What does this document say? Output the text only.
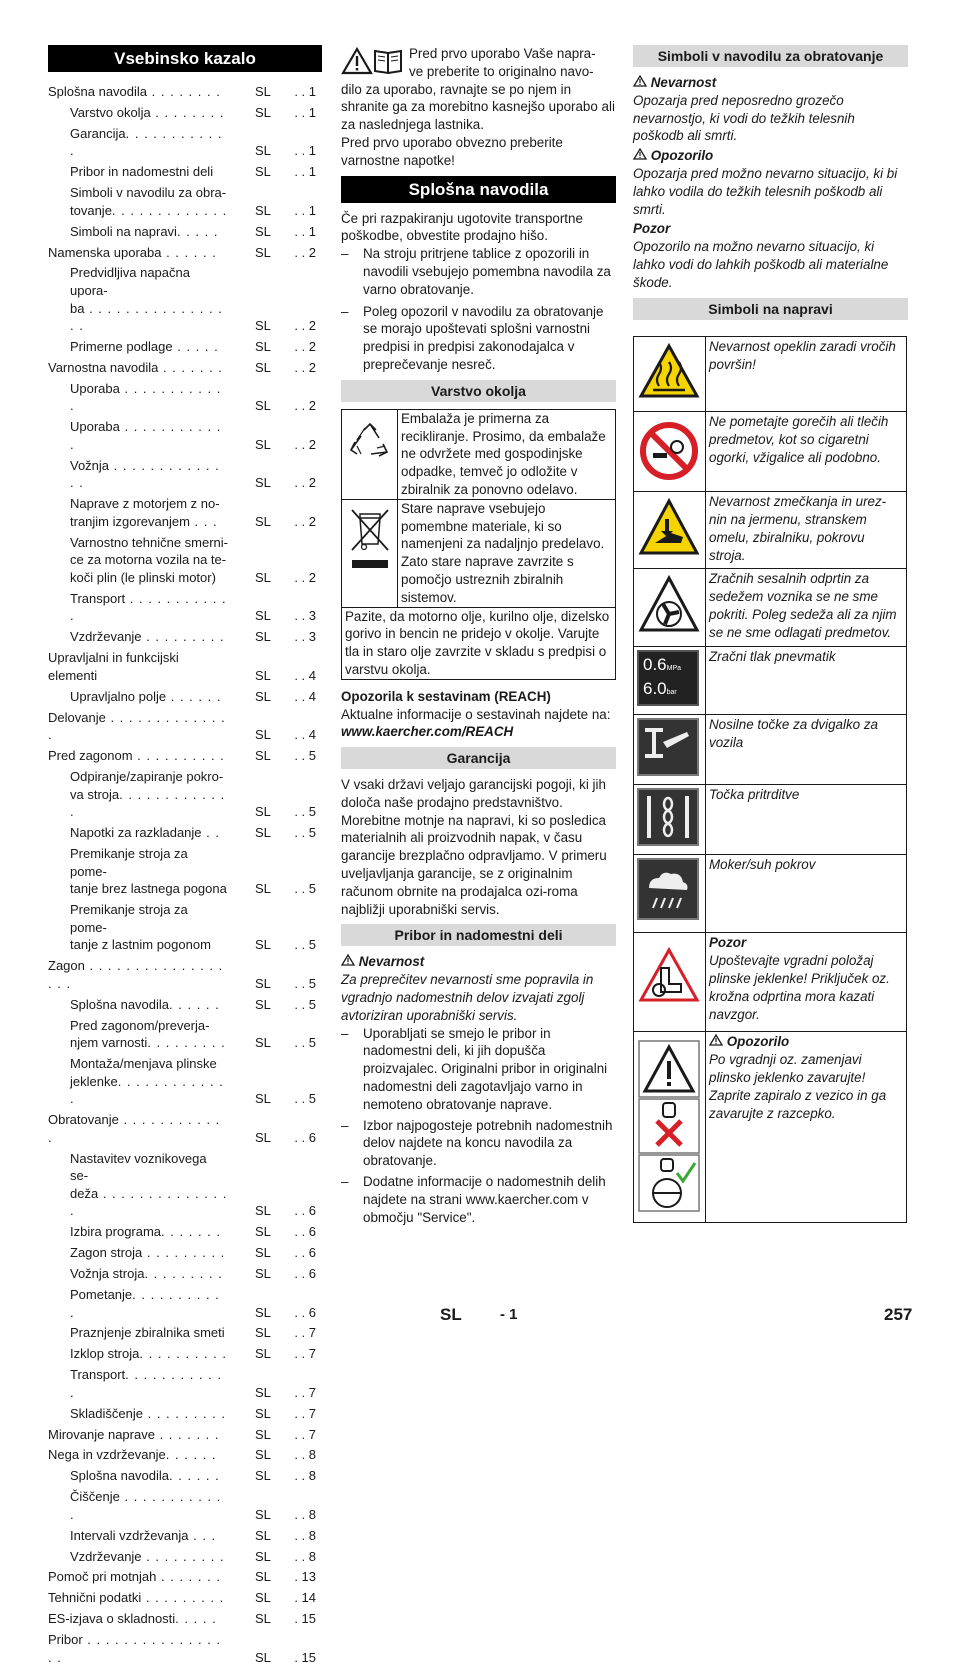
Vsebinsko kazalo
Splošna navodila . . . . . . . .	SL	. . 1
Varstvo okolja . . . . . . . .	SL	. . 1
Garancija. . . . . . . . . . . .	SL	. . 1
Pribor in nadomestni deli	SL	. . 1
Simboli v navodilu za obra-
tovanje. . . . . . . . . . . . .	SL	. . 1
Simboli na napravi. . . . .	SL	. . 1
Namenska uporaba . . . . . .	SL	. . 2
Predvidljiva napačna upora-
ba . . . . . . . . . . . . . . . . .	SL	. . 2
Primerne podlage . . . . .	SL	. . 2
Varnostna navodila . . . . . . .	SL	. . 2
Uporaba . . . . . . . . . . . .	SL	. . 2
Uporaba . . . . . . . . . . . .	SL	. . 2
Vožnja . . . . . . . . . . . . . .	SL	. . 2
Naprave z motorjem z no-
tranjim izgorevanjem . . .	SL	. . 2
Varnostno tehnične smerni-
ce za motorna vozila na te-
koči plin (le plinski motor)	SL	. . 2
Transport . . . . . . . . . . . .	SL	. . 3
Vzdrževanje . . . . . . . . .	SL	. . 3
Upravljalni in funkcijski elementi	SL	. . 4
Upravljalno polje . . . . . .	SL	. . 4
Delovanje . . . . . . . . . . . . . .	SL	. . 4
Pred zagonom . . . . . . . . . .	SL	. . 5
Odpiranje/zapiranje pokro-
va stroja. . . . . . . . . . . . .	SL	. . 5
Napotki za razkladanje . .	SL	. . 5
Premikanje stroja za pome-
tanje brez lastnega pogona	SL	. . 5
Premikanje stroja za pome-
tanje z lastnim pogonom	SL	. . 5
Zagon . . . . . . . . . . . . . . . . . .	SL	. . 5
Splošna navodila. . . . . .	SL	. . 5
Pred zagonom/preverja-
njem varnosti. . . . . . . . .	SL	. . 5
Montaža/menjava plinske
jeklenke. . . . . . . . . . . . .	SL	. . 5
Obratovanje . . . . . . . . . . . .	SL	. . 6
Nastavitev voznikovega se-
deža . . . . . . . . . . . . . . .	SL	. . 6
Izbira programa. . . . . . .	SL	. . 6
Zagon stroja . . . . . . . . .	SL	. . 6
Vožnja stroja. . . . . . . . .	SL	. . 6
Pometanje. . . . . . . . . . .	SL	. . 6
Praznjenje zbiralnika smeti	SL	. . 7
Izklop stroja. . . . . . . . . .	SL	. . 7
Transport. . . . . . . . . . . .	SL	. . 7
Skladiščenje . . . . . . . . .	SL	. . 7
Mirovanje naprave . . . . . . .	SL	. . 7
Nega in vzdrževanje. . . . . .	SL	. . 8
Splošna navodila. . . . . .	SL	. . 8
Čiščenje . . . . . . . . . . . .	SL	. . 8
Intervali vzdrževanja . . .	SL	. . 8
Vzdrževanje . . . . . . . . .	SL	. . 8
Pomoč pri motnjah . . . . . . .	SL	. 13
Tehnični podatki . . . . . . . . .	SL	. 14
ES-izjava o skladnosti. . . . .	SL	. 15
Pribor . . . . . . . . . . . . . . . . .	SL	. 15

Pred prvo uporabo Vaše napra-

ve preberite to originalno navo-

dilo za uporabo, ravnajte se po njem in shranite ga za morebitno kasnejšo uporabo ali za naslednjega lastnika.

Pred prvo uporabo obvezno preberite varnostne napotke!

Splošna navodila

Če pri razpakiranju ugotovite transportne poškodbe, obvestite prodajno hišo.

–	Na stroju pritrjene tablice z opozorili in navodili vsebujejo pomembna navodila za varno obratovanje.
–	Poleg opozoril v navodilu za obratovanje se morajo upoštevati splošni varnostni predpisi in predpisi zakonodajalca v preprečevanje nesreč.
Varstvo okolja
	Embalaža je primerna za recikliranje. Prosimo, da embalaže ne odvržete med gospodinjske odpadke, temveč jo odložite v zbiralnik za ponovno odelavo.
	Stare naprave vsebujejo pomembne materiale, ki so namenjeni za nadaljnjo predelavo. Zato stare naprave zavrzite s pomočjo ustreznih zbiralnih sistemov.
Pazite, da motorno olje, kurilno olje, dizelsko gorivo in bencin ne pridejo v okolje. Varujte tla in staro olje zavrzite v skladu s predpisi o varstvu okolja.	

Opozorila k sestavinam (REACH)

Aktualne informacije o sestavinah najdete na:

www.kaercher.com/REACH

Garancija

V vsaki državi veljajo garancijski pogoji, ki jih določa naše prodajno predstavništvo. Morebitne motnje na napravi, ki so posledica materialnih ali proizvodnih napak, v času garancije brezplačno odpravljamo. V primeru uveljavljanja garancije, se z originalnim računom obrnite na prodajalca ozi-roma najbližji uporabniški servis.

Pribor in nadomestni deli

Nevarnost

Za preprečitev nevarnosti sme popravila in vgradnjo nadomestnih delov izvajati zgolj avtoriziran uporabniški servis.

–	Uporabljati se smejo le pribor in nadomestni deli, ki jih dopušča proizvajalec. Originalni pribor in originalni nadomestni deli zagotavljajo varno in nemoteno obratovanje naprave.
–	Izbor najpogosteje potrebnih nadomestnih delov najdete na koncu navodila za obratovanje.
–	Dodatne informacije o nadomestnih delih najdete na strani www.kaercher.com v območju "Service".
Simboli v navodilu za obratovanje

Nevarnost

Opozarja pred neposredno grozečo nevarnostjo, ki vodi do težkih telesnih poškodb ali smrti.

Opozorilo

Opozarja pred možno nevarno situacijo, ki bi lahko vodila do težkih telesnih poškodb ali smrti.

Pozor

Opozorilo na možno nevarno situacijo, ki lahko vodi do lahkih poškodb ali materialne škode.

Simboli na napravi
	Nevarnost opeklin zaradi vročih površin!
	Ne pometajte gorečih ali tlečih predmetov, kot so cigaretni ogorki, vžigalice ali podobno.
	Nevarnost zmečkanja in urez-nin na jermenu, stranskem omelu, zbiralniku, pokrovu stroja.
	Zračnih sesalnih odprtin za sedežem voznika se ne sme pokriti. Poleg sedeža ali za njim se ne sme odlagati predmetov.

0.6MPa
6.0bar	Zračni tlak pnevmatik
	Nosilne točke za dvigalko za vozila
	Točka pritrditve
	Moker/suh pokrov

Pozor
Upoštevajte vgradni položaj plinske jeklenke! Priključek oz. krožna odprtina mora kazati navzgor.

Opozorilo
Po vgradnji oz. zamenjavi plinsko jeklenko zavarujte! Zaprite zapiralo z vezico in ga zavarujte z razcepko.
SL	- 1	257
